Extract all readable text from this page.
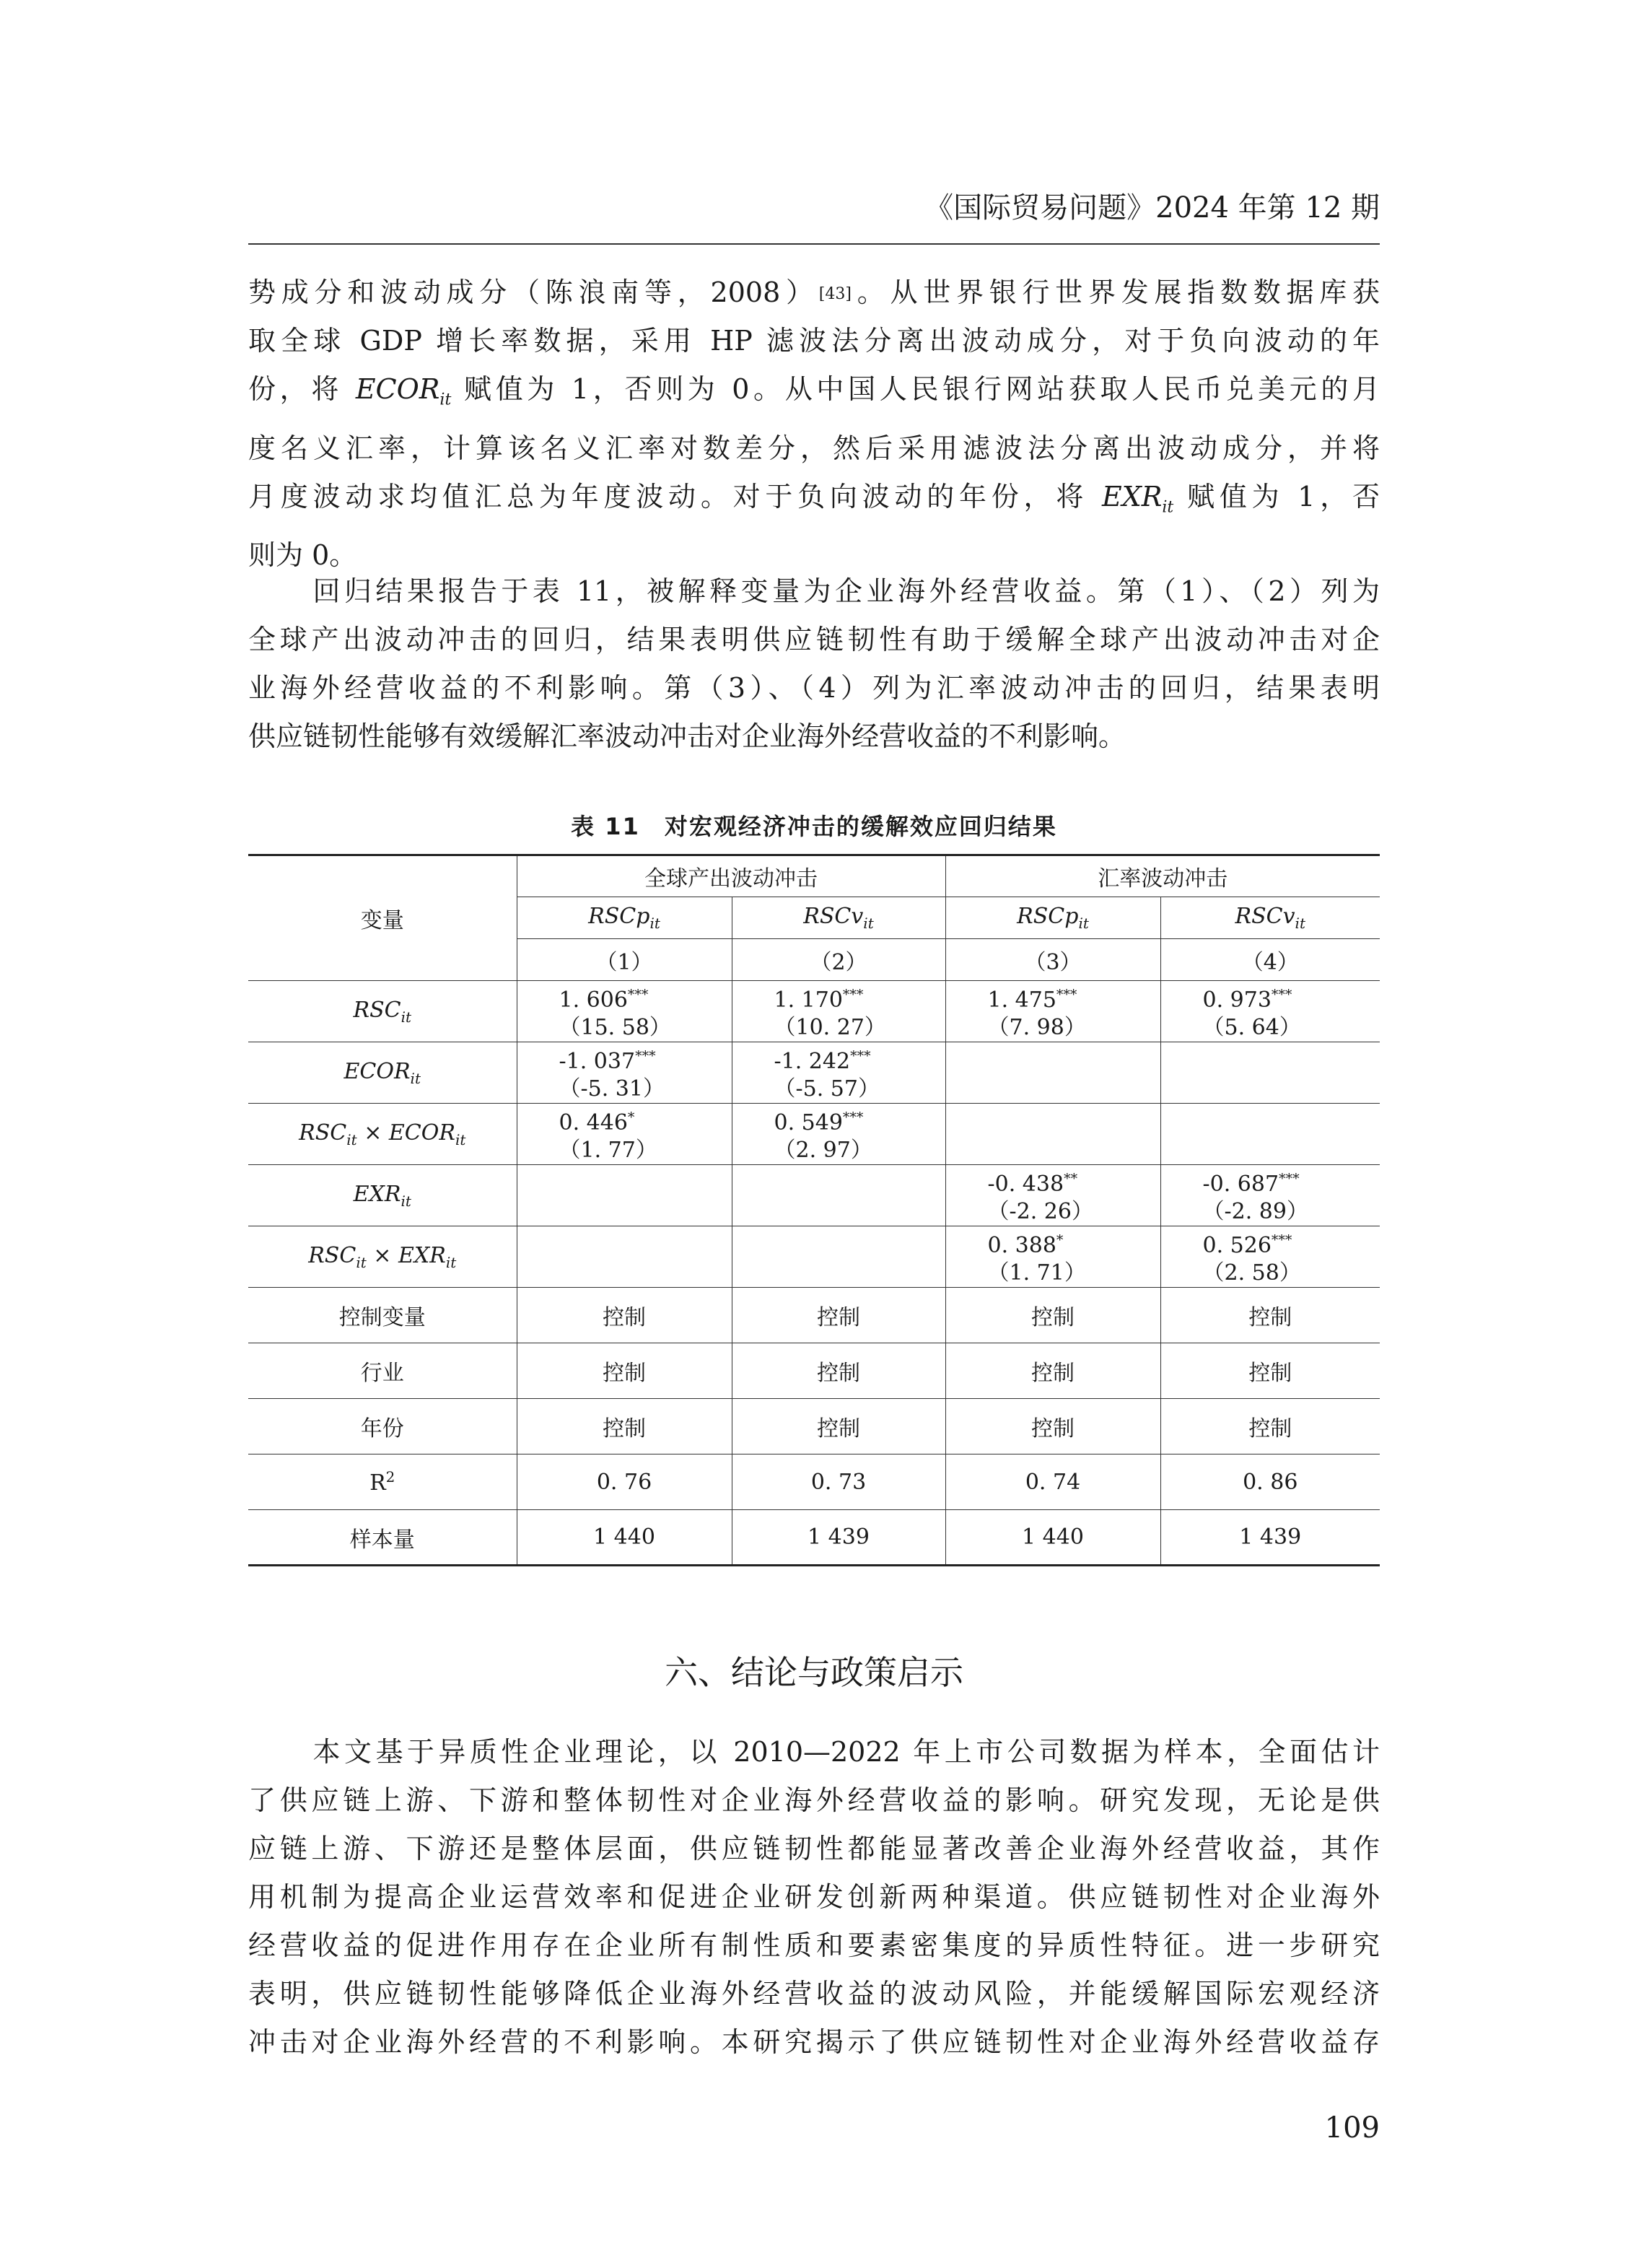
《国际贸易问题》2024 年第 12 期
势成分和波动成分（陈浪南等，2008）[43]。从世界银行世界发展指数数据库获
取全球 GDP 增长率数据，采用 HP 滤波法分离出波动成分，对于负向波动的年
份，将 $ECOR_{it}$ 赋值为 1，否则为 0。从中国人民银行网站获取人民币兑美元的月
度名义汇率，计算该名义汇率对数差分，然后采用滤波法分离出波动成分，并将
月度波动求均值汇总为年度波动。对于负向波动的年份，将 $EXR_{it}$ 赋值为 1，否
则为 0。
回归结果报告于表 11，被解释变量为企业海外经营收益。第（1）、（2）列为
全球产出波动冲击的回归，结果表明供应链韧性有助于缓解全球产出波动冲击对企
业海外经营收益的不利影响。第（3）、（4）列为汇率波动冲击的回归，结果表明
供应链韧性能够有效缓解汇率波动冲击对企业海外经营收益的不利影响。
表 11　对宏观经济冲击的缓解效应回归结果
变量	全球产出波动冲击		汇率波动冲击	
	RSCp$_{it}$	RSCv$_{it}$	RSCp$_{it}$	RSCv$_{it}$
	（1）	（2）	（3）	（4）
$RSC_{it}$	1. 606***
（15. 58）	1. 170***
（10. 27）	1. 475***
（7. 98）	0. 973***
（5. 64）

$ECOR_{it}$	-1. 037***
（-5. 31）	-1. 242***
（-5. 57）		

$RSC_{it}$ × $ECOR_{it}$	0. 446*
（1. 77）	0. 549***
（2. 97）		

$EXR_{it}$			-0. 438**
（-2. 26）	-0. 687***
（-2. 89）

$RSC_{it} \times EXR_{it}$			0. 388*
（1. 71）	0. 526***
（2. 58）

控制变量	控制	控制	控制	控制
行业	控制	控制	控制	控制
年份	控制	控制	控制	控制
$R^2$	0. 76	0. 73	0. 74	0. 86
样本量	1 440	1 439	1 440	1 439
六、结论与政策启示
本文基于异质性企业理论，以 2010—2022 年上市公司数据为样本，全面估计
了供应链上游、下游和整体韧性对企业海外经营收益的影响。研究发现，无论是供
应链上游、下游还是整体层面，供应链韧性都能显著改善企业海外经营收益，其作
用机制为提高企业运营效率和促进企业研发创新两种渠道。供应链韧性对企业海外
经营收益的促进作用存在企业所有制性质和要素密集度的异质性特征。进一步研究
表明，供应链韧性能够降低企业海外经营收益的波动风险，并能缓解国际宏观经济
冲击对企业海外经营的不利影响。本研究揭示了供应链韧性对企业海外经营收益存
109
